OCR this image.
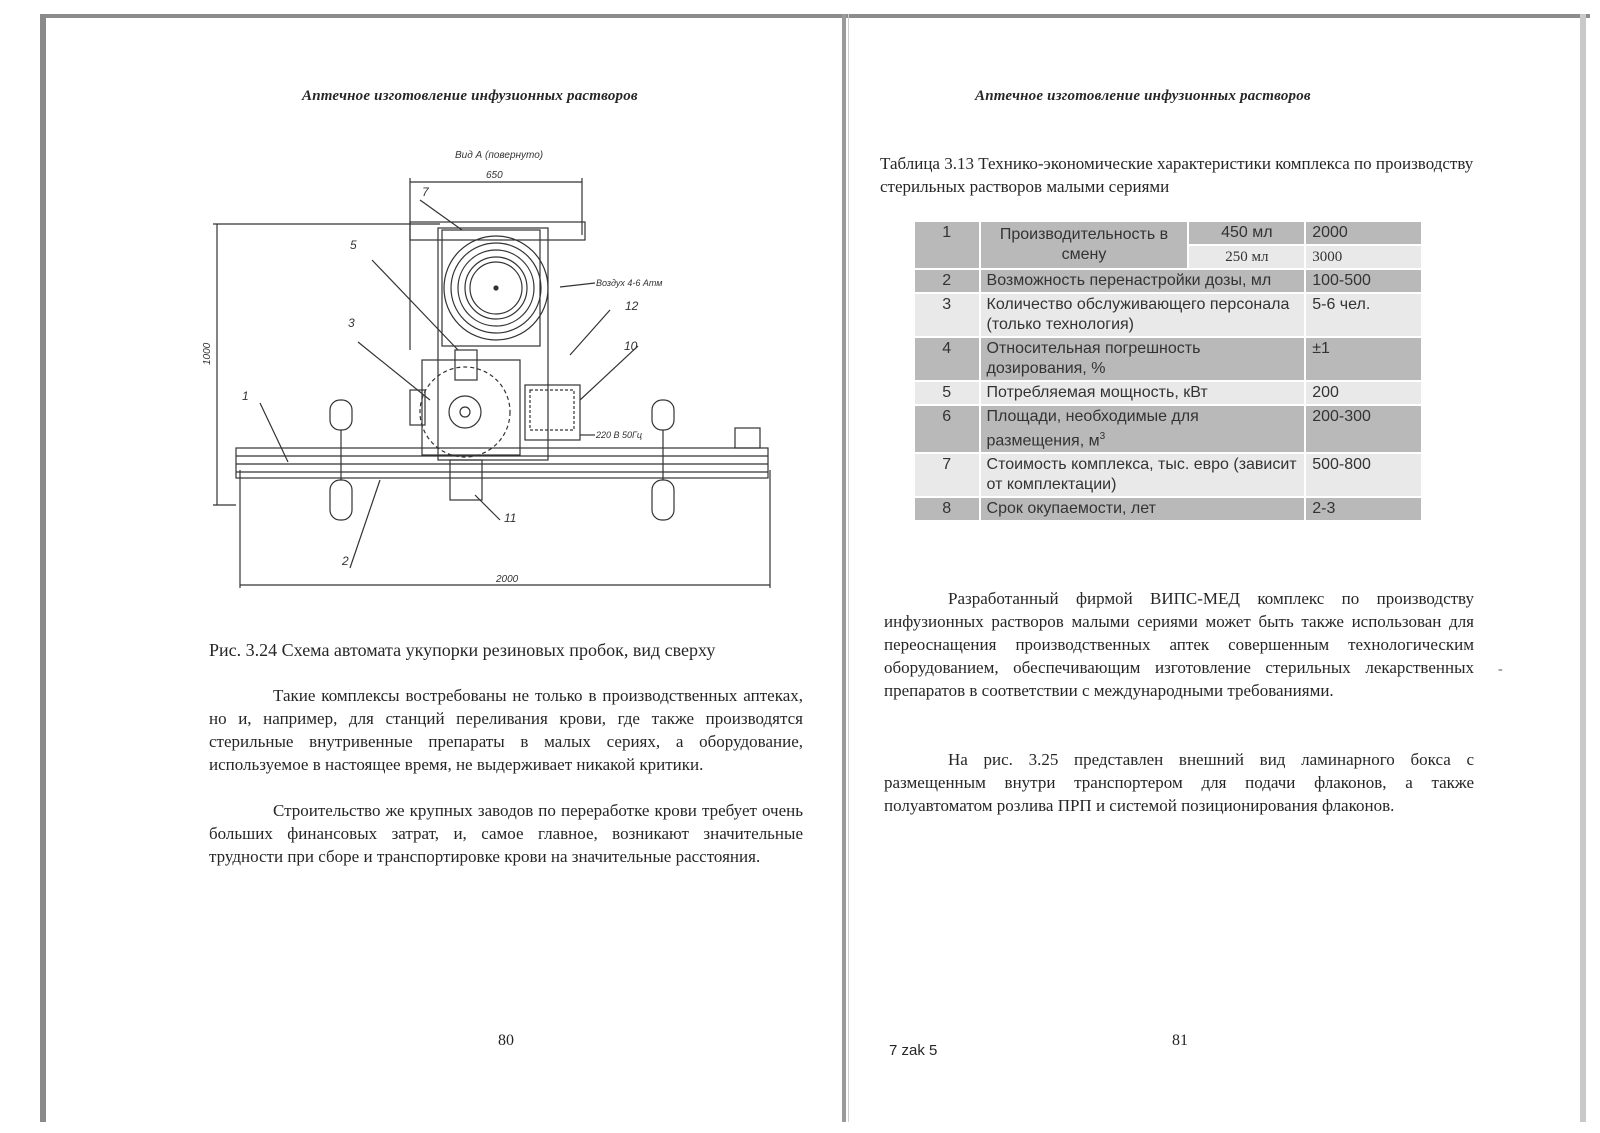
Аптечное изготовление инфузионных растворов
Вид А (повернуто)
650
1000
2000
Воздух 4-6 Атм
220 В 50Гц
1
2
3
5
7
10
11
12
Рис. 3.24 Схема автомата укупорки резиновых пробок, вид сверху
Такие комплексы востребованы не только в производственных аптеках, но и, например, для станций переливания крови, где также производятся стерильные внутривенные препараты в малых сериях, а оборудование, используемое в настоящее время, не выдерживает никакой критики.
Строительство же крупных заводов по переработке крови требует очень больших финансовых затрат, и, самое главное, возникают значительные трудности при сборе и транспортировке крови на значительные расстояния.
80
Аптечное изготовление инфузионных растворов
Таблица 3.13 Технико-экономические характеристики комплекса по производству стерильных растворов малыми сериями
1	Производительность в смену	450 мл	2000
		250 мл	3000
2	Возможность перенастройки дозы, мл		100-500
3	Количество обслуживающего персонала (только технология)		5-6 чел.
4	Относительная погрешность дозирования, %		±1
5	Потребляемая мощность, кВт		200
6	Площади, необходимые для размещения, $м^3$		200-300
7	Стоимость комплекса, тыс. евро (зависит от комплектации)		500-800
8	Срок окупаемости, лет		2-3
Разработанный фирмой ВИПС-МЕД комплекс по производству инфузионных растворов малыми сериями может быть также использован для переоснащения производственных аптек совершенным технологическим оборудованием, обеспечивающим изготовление стерильных лекарственных препаратов в соответствии с международными требованиями.
На рис. 3.25 представлен внешний вид ламинарного бокса с размещенным внутри транспортером для подачи флаконов, а также полуавтоматом розлива ПРП и системой позиционирования флаконов.
-
7 zak 5
81
